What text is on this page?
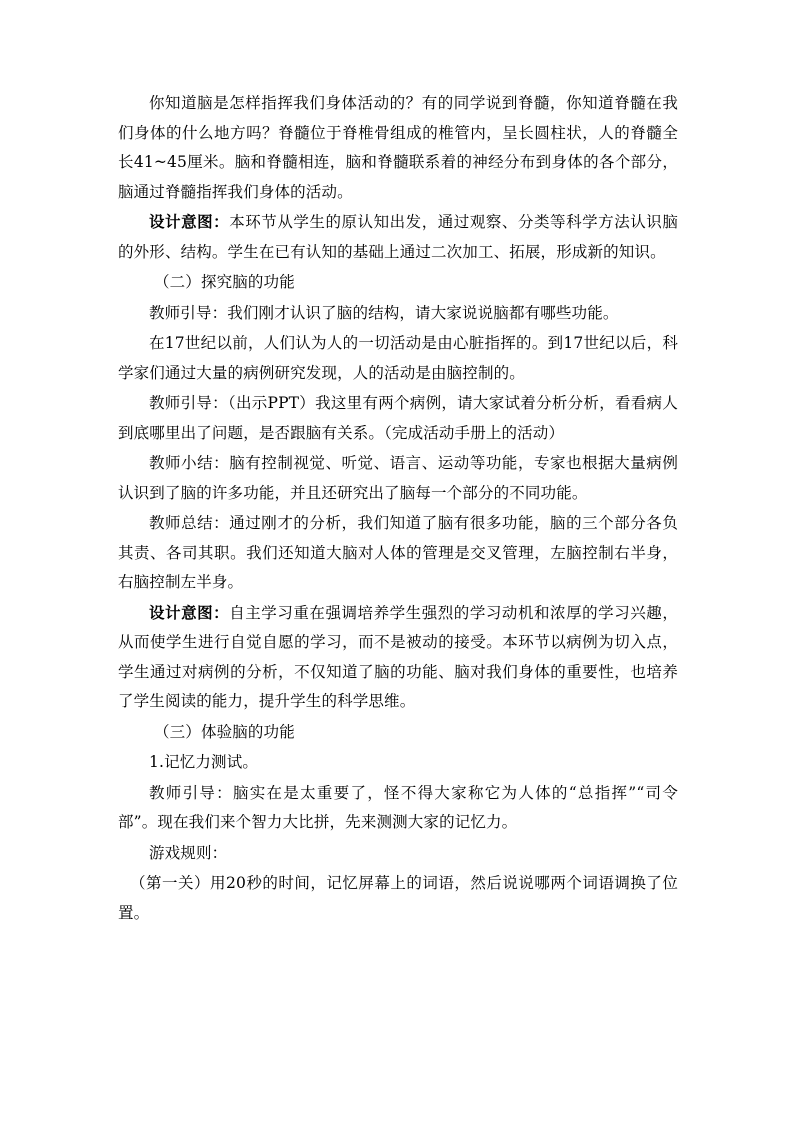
你知道脑是怎样指挥我们身体活动的？有的同学说到脊髓，你知道脊髓在我们身体的什么地方吗？脊髓位于脊椎骨组成的椎管内，呈长圆柱状，人的脊髓全长41~45厘米。脑和脊髓相连，脑和脊髓联系着的神经分布到身体的各个部分，脑通过脊髓指挥我们身体的活动。

设计意图：本环节从学生的原认知出发，通过观察、分类等科学方法认识脑的外形、结构。学生在已有认知的基础上通过二次加工、拓展，形成新的知识。

（二）探究脑的功能

教师引导：我们刚才认识了脑的结构，请大家说说脑都有哪些功能。

在17世纪以前，人们认为人的一切活动是由心脏指挥的。到17世纪以后，科学家们通过大量的病例研究发现，人的活动是由脑控制的。

教师引导：（出示PPT）我这里有两个病例，请大家试着分析分析，看看病人到底哪里出了问题，是否跟脑有关系。（完成活动手册上的活动）

教师小结：脑有控制视觉、听觉、语言、运动等功能，专家也根据大量病例认识到了脑的许多功能，并且还研究出了脑每一个部分的不同功能。

教师总结：通过刚才的分析，我们知道了脑有很多功能，脑的三个部分各负其责、各司其职。我们还知道大脑对人体的管理是交叉管理，左脑控制右半身，右脑控制左半身。

设计意图：自主学习重在强调培养学生强烈的学习动机和浓厚的学习兴趣，从而使学生进行自觉自愿的学习，而不是被动的接受。本环节以病例为切入点，学生通过对病例的分析，不仅知道了脑的功能、脑对我们身体的重要性，也培养了学生阅读的能力，提升学生的科学思维。

（三）体验脑的功能

1.记忆力测试。

教师引导：脑实在是太重要了，怪不得大家称它为人体的“总指挥”“司令部”。现在我们来个智力大比拼，先来测测大家的记忆力。

游戏规则：

（第一关）用20秒的时间，记忆屏幕上的词语，然后说说哪两个词语调换了位置。
